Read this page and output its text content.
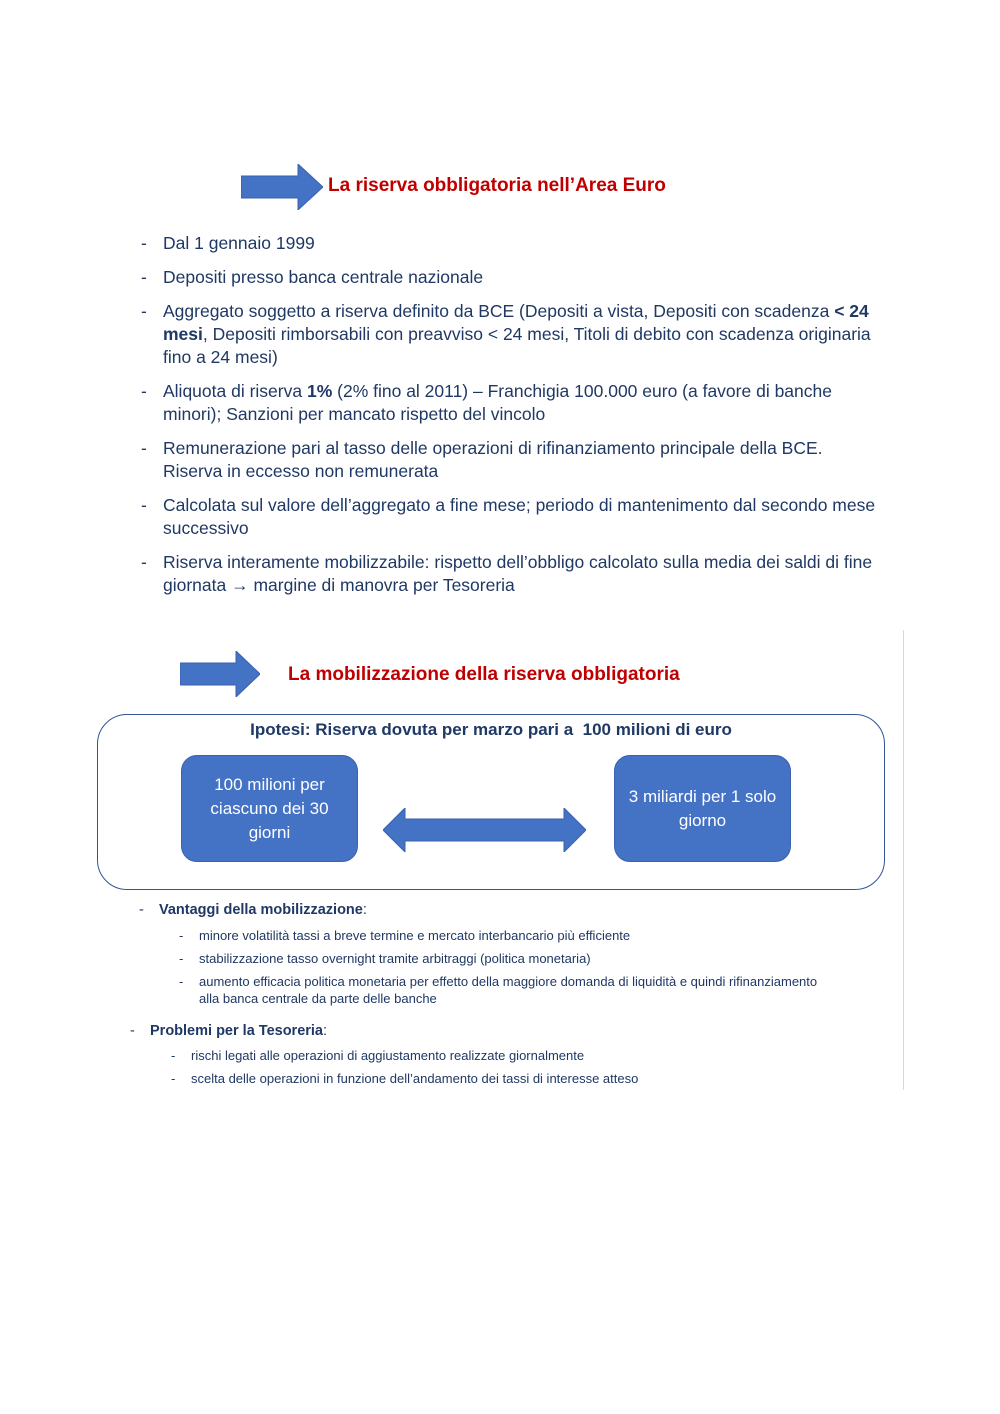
La riserva obbligatoria nell’Area Euro
- Dal 1 gennaio 1999
- Depositi presso banca centrale nazionale
- Aggregato soggetto a riserva definito da BCE (Depositi a vista, Depositi con scadenza < 24 mesi, Depositi rimborsabili con preavviso < 24 mesi, Titoli di debito con scadenza originaria fino a 24 mesi)
- Aliquota di riserva 1% (2% fino al 2011) – Franchigia 100.000 euro (a favore di banche minori); Sanzioni per mancato rispetto del vincolo
- Remunerazione pari al tasso delle operazioni di rifinanziamento principale della BCE. Riserva in eccesso non remunerata
- Calcolata sul valore dell’aggregato a fine mese; periodo di mantenimento dal secondo mese successivo
- Riserva interamente mobilizzabile: rispetto dell’obbligo calcolato sulla media dei saldi di fine giornata → margine di manovra per Tesoreria
La mobilizzazione della riserva obbligatoria
Ipotesi: Riserva dovuta per marzo pari a  100 milioni di euro
100 milioni per ciascuno dei 30 giorni
3 miliardi per 1 solo giorno
- Vantaggi della mobilizzazione:
- minore volatilità tassi a breve termine e mercato interbancario più efficiente
- stabilizzazione tasso overnight tramite arbitraggi (politica monetaria)
- aumento efficacia politica monetaria per effetto della maggiore domanda di liquidità e quindi rifinanziamento alla banca centrale da parte delle banche
- Problemi per la Tesoreria:
- rischi legati alle operazioni di aggiustamento realizzate giornalmente
- scelta delle operazioni in funzione dell’andamento dei tassi di interesse atteso
